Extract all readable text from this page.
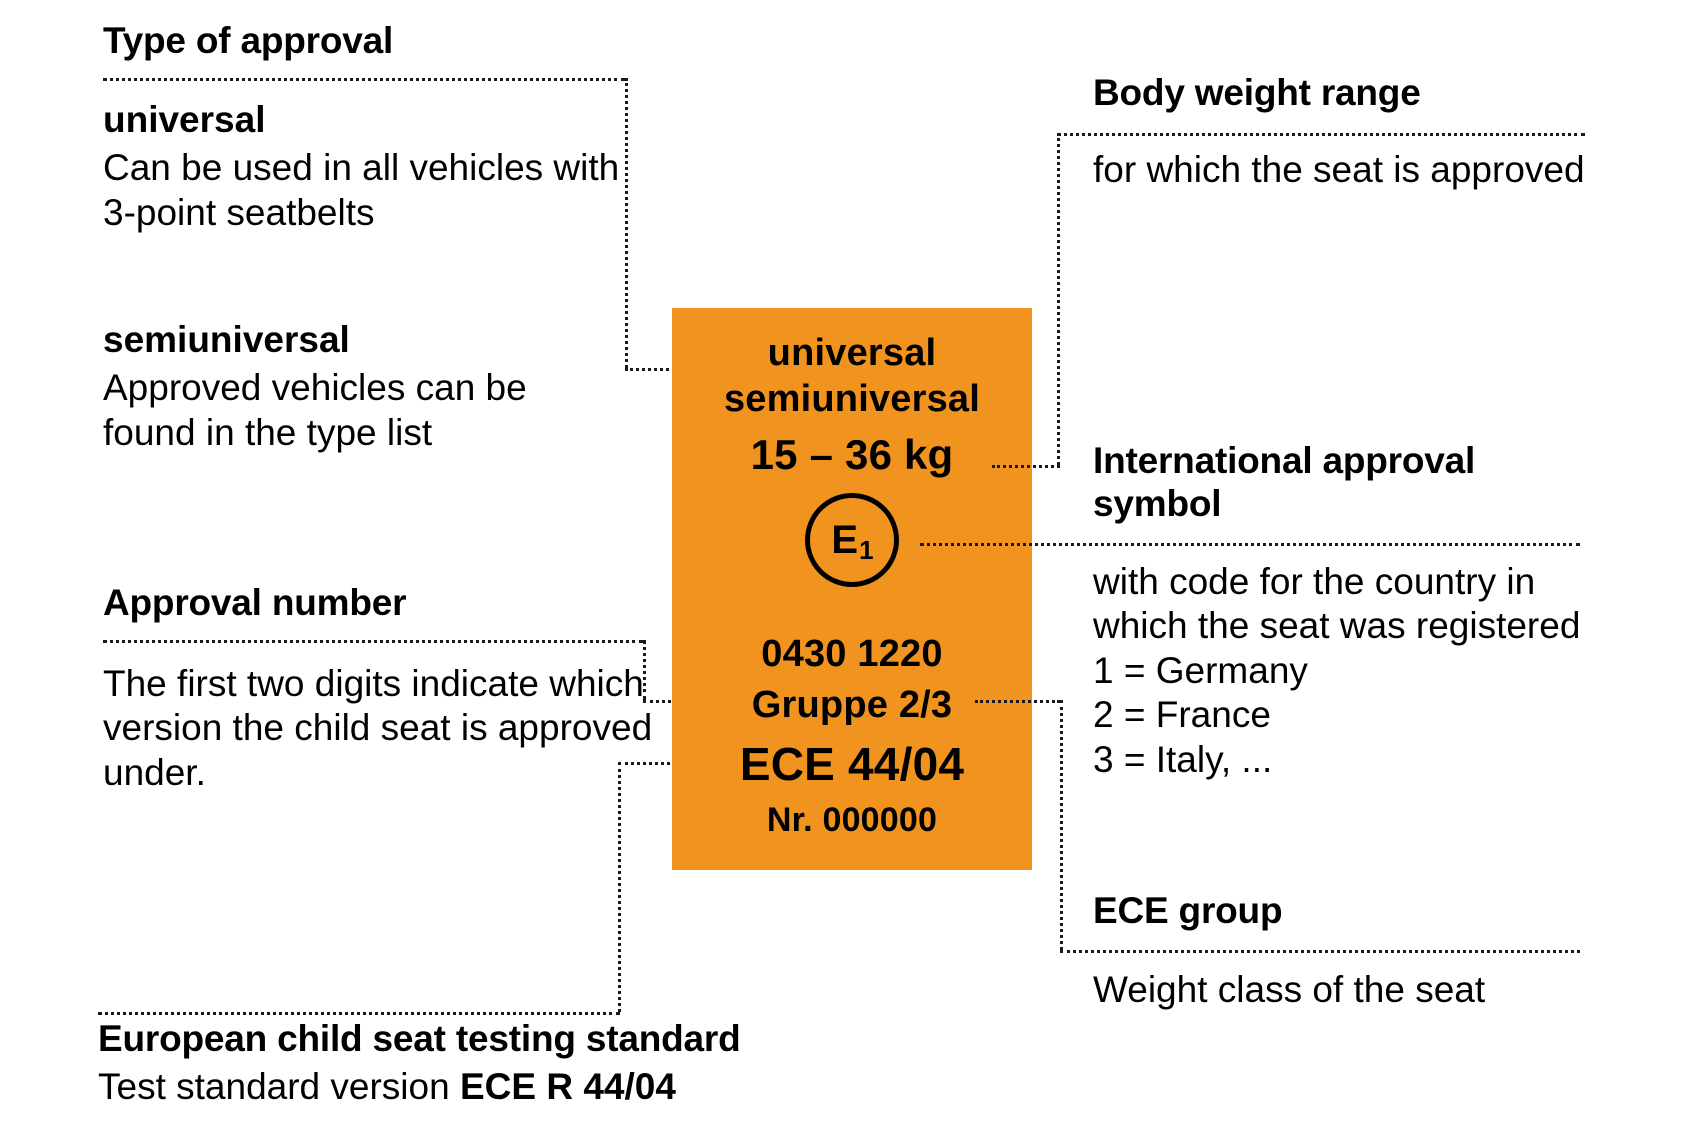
Type of approval
universal
Can be used in all vehicles with 3-point seatbelts
semiuniversal
Approved vehicles can be found in the type list
Approval number
The first two digits indicate which version the child seat is approved under.
European child seat testing standard
Test standard version ECE R 44/04
universal
semiuniversal
15 – 36 kg
$E_1$
0430 1220
Gruppe 2/3
ECE 44/04
Nr. 000000
Body weight range
for which the seat is approved
International approval
symbol
with code for the country in
which the seat was registered
1 = Germany
2 = France
3 = Italy, ...
ECE group
Weight class of the seat
